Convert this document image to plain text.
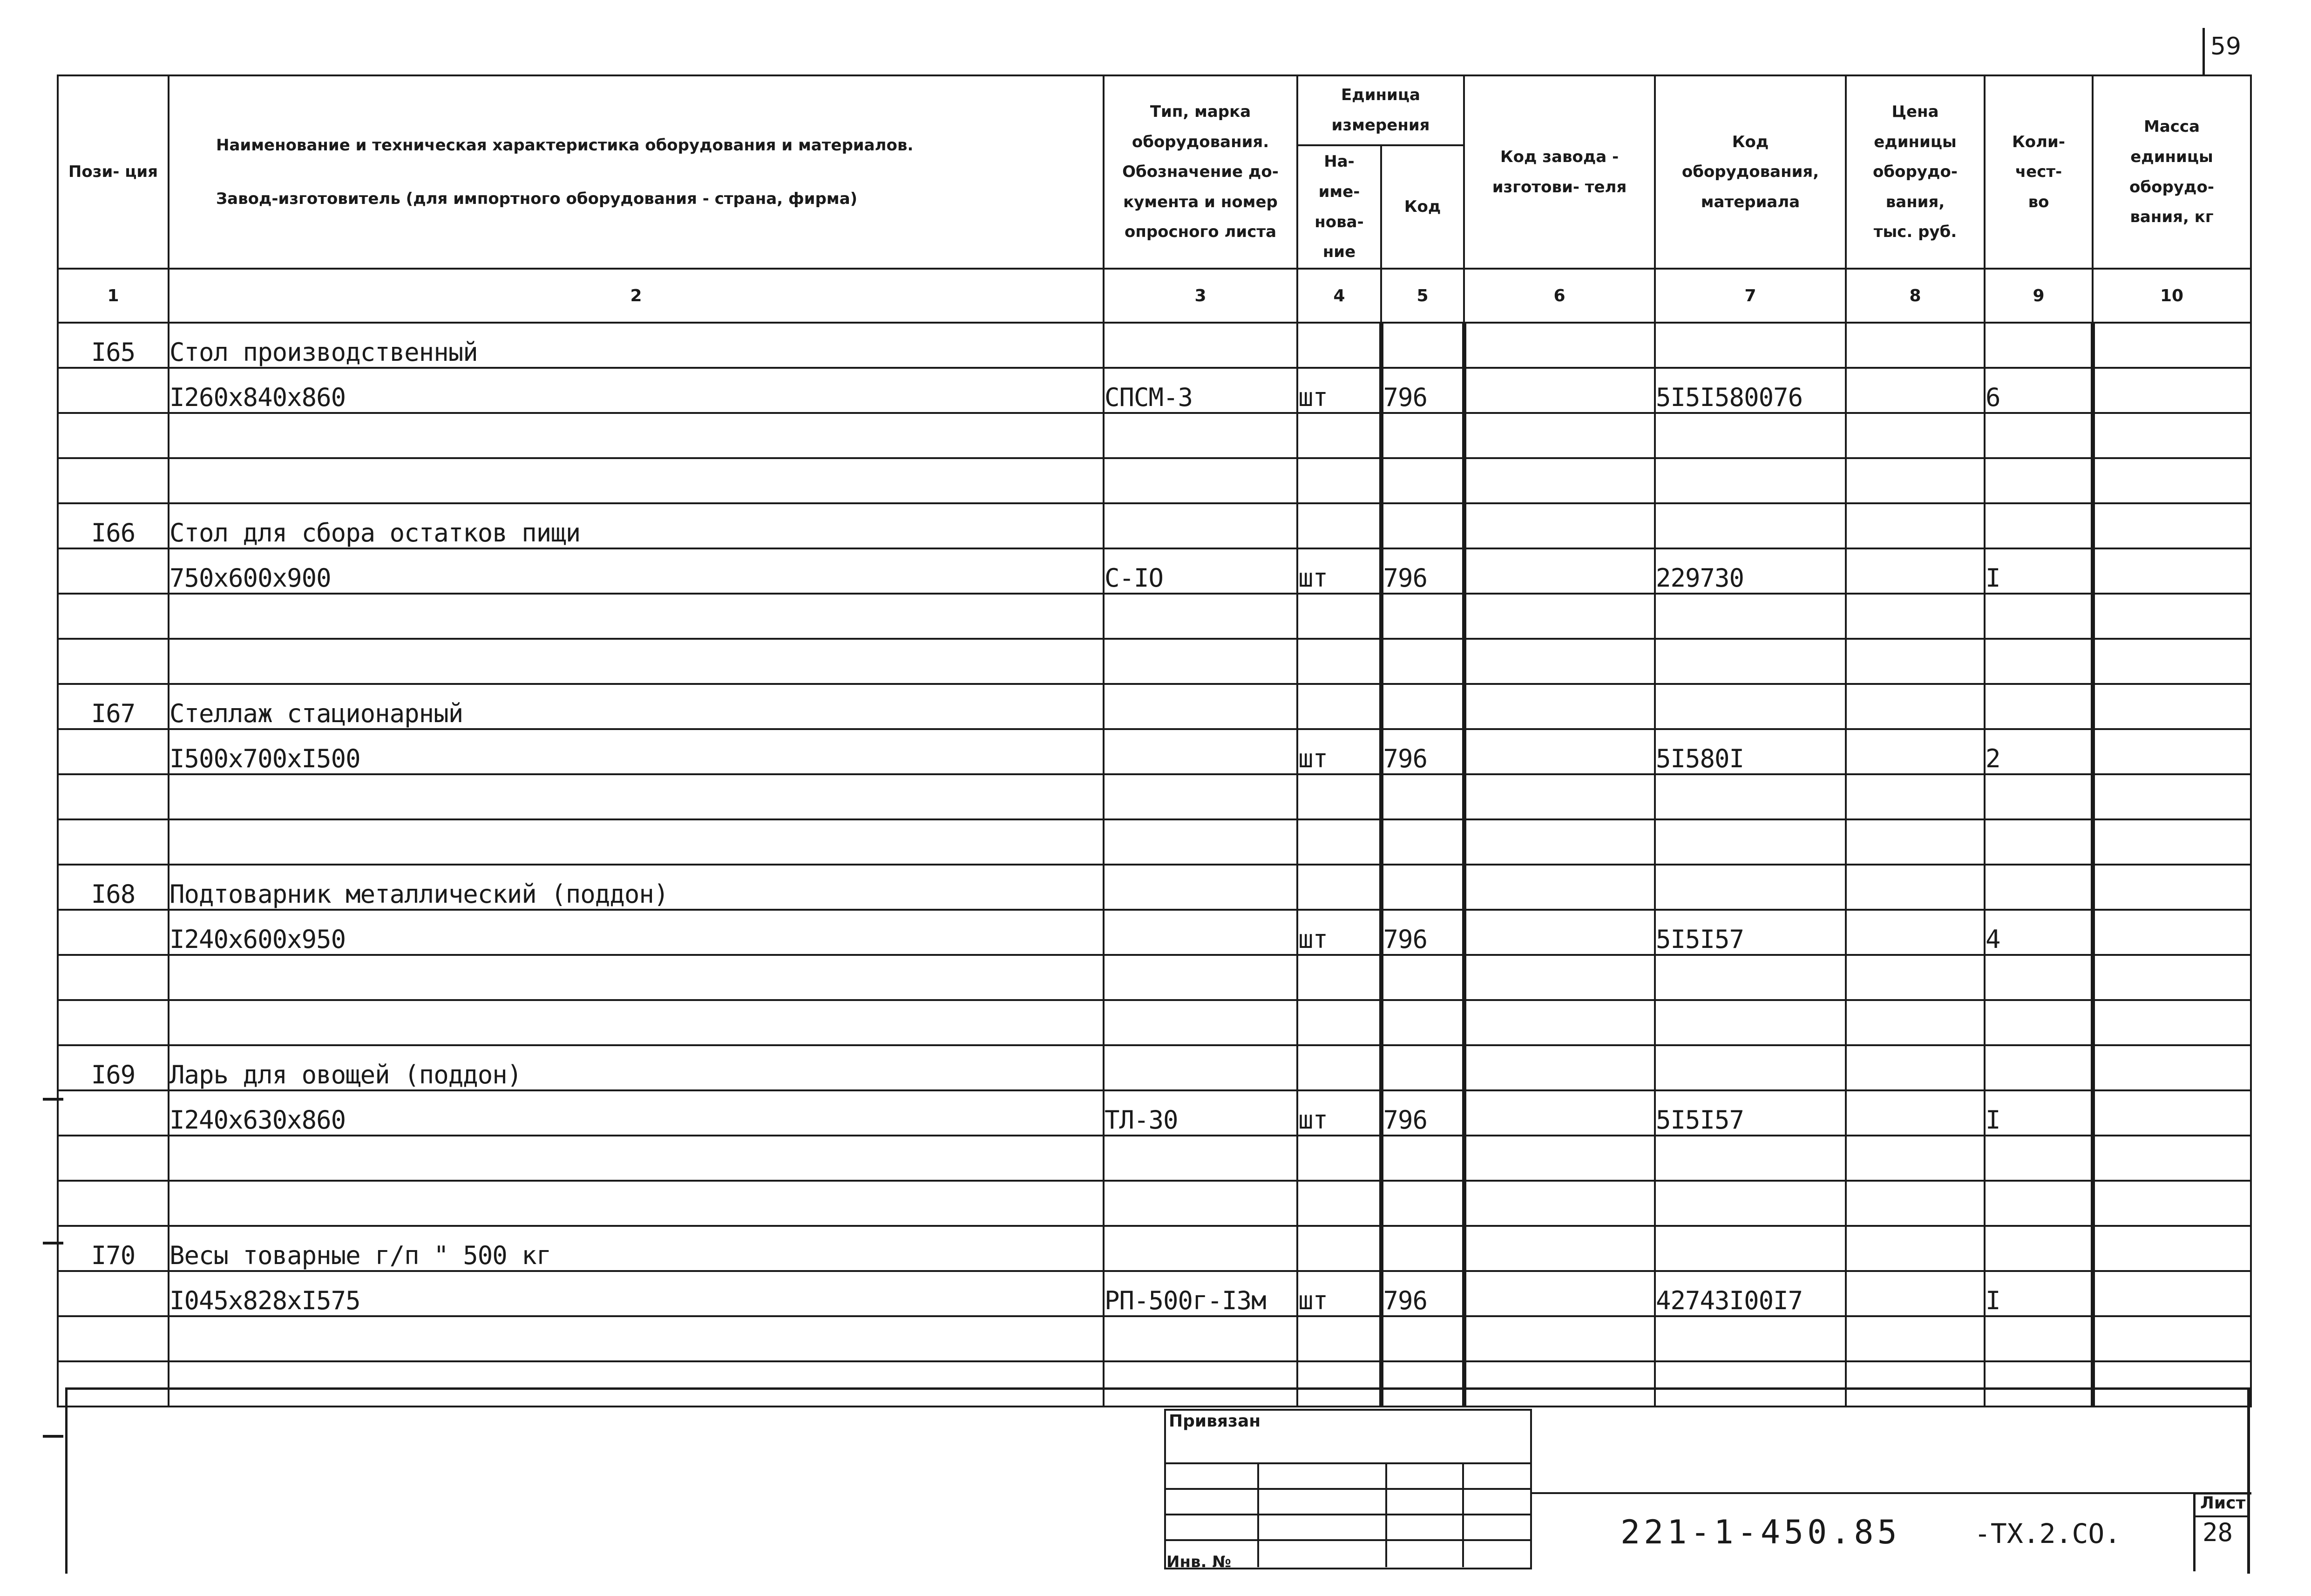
59
Пози- ция	Наименование и техническая характеристика оборудования и материалов.
Завод-изготовитель (для импортного оборудования - страна, фирма)	Тип, марка оборудования. Обозначение до- кумента и номер опросного листа	Единица измерения		Код завода - изготови- теля	Код оборудования, материала	Цена единицы оборудо- вания, тыс. руб.	Коли- чест- во	Масса единицы оборудо- вания, кг
			На- име- нова- ние	Код					
1	2	3	4	5	6	7	8	9	10
I65	Стол производственный								
	I260x840x860	СПСМ-3	шт	796		5I5I580076		6	

I66	Стол для сбора остатков пищи								
	750x600x900	С-IO	шт	796		229730		I	

I67	Стеллаж стационарный								
	I500x700xI500		шт	796		5I580I		2	

I68	Подтоварник металлический (поддон)								
	I240x600x950		шт	796		5I5I57		4	

I69	Ларь для овощей (поддон)								
	I240x630x860	ТЛ-30	шт	796		5I5I57		I	

I70	Весы товарные г/п " 500 кг								
	I045x828xI575	РП-500г-I3м	шт	796		42743I00I7		I	

Привязан
Инв. №
221-1-450.85	-ТХ.2.СО.
Лист
28
